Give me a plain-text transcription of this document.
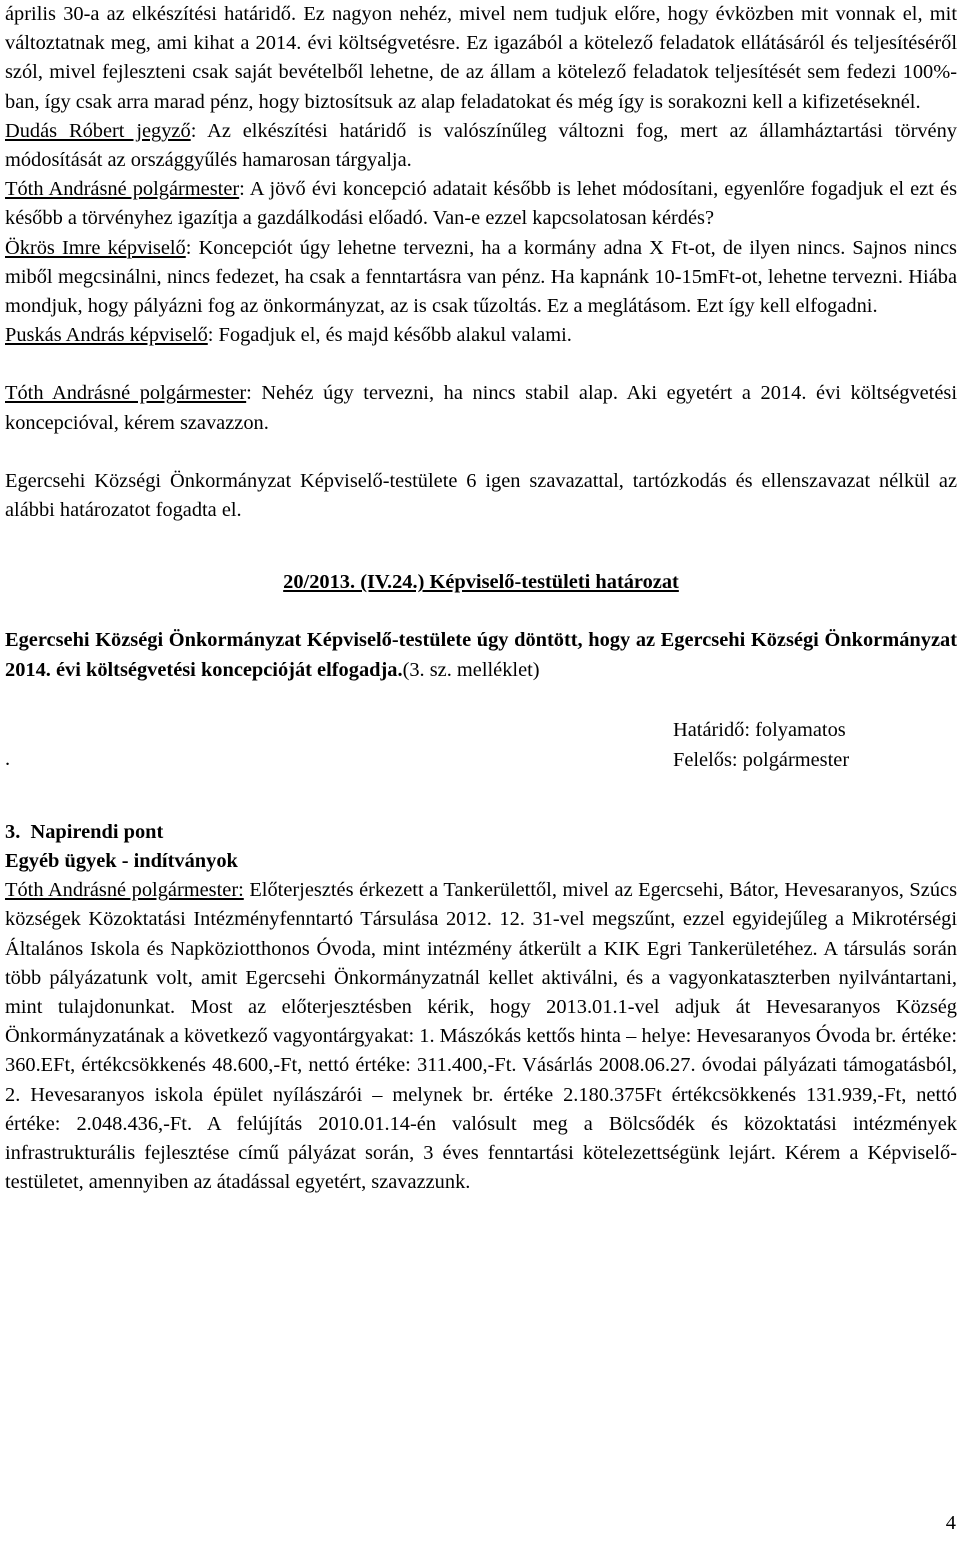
április 30-a az elkészítési határidő. Ez nagyon nehéz, mivel nem tudjuk előre, hogy évközben mit vonnak el, mit változtatnak meg, ami kihat a 2014. évi költségvetésre. Ez igazából a kötelező feladatok ellátásáról és teljesítéséről szól, mivel fejleszteni csak saját bevételből lehetne, de az állam a kötelező feladatok teljesítését sem fedezi 100%-ban, így csak arra marad pénz, hogy biztosítsuk az alap feladatokat és még így is sorakozni kell a kifizetéseknél.

Dudás Róbert jegyző: Az elkészítési határidő is valószínűleg változni fog, mert az államháztartási törvény módosítását az országgyűlés hamarosan tárgyalja.

Tóth Andrásné polgármester: A jövő évi koncepció adatait később is lehet módosítani, egyenlőre fogadjuk el ezt és később a törvényhez igazítja a gazdálkodási előadó. Van-e ezzel kapcsolatosan kérdés?

Ökrös Imre képviselő: Koncepciót úgy lehetne tervezni, ha a kormány adna X Ft-ot, de ilyen nincs. Sajnos nincs miből megcsinálni, nincs fedezet, ha csak a fenntartásra van pénz. Ha kapnánk 10-15mFt-ot, lehetne tervezni. Hiába mondjuk, hogy pályázni fog az önkormányzat, az is csak tűzoltás. Ez a meglátásom. Ezt így kell elfogadni.

Puskás András képviselő: Fogadjuk el, és majd később alakul valami.

Tóth Andrásné polgármester: Nehéz úgy tervezni, ha nincs stabil alap. Aki egyetért a 2014. évi költségvetési koncepcióval, kérem szavazzon.

Egercsehi Községi Önkormányzat Képviselő-testülete 6 igen szavazattal, tartózkodás és ellenszavazat nélkül az alábbi határozatot fogadta el.

20/2013. (IV.24.) Képviselő-testületi határozat

Egercsehi Községi Önkormányzat Képviselő-testülete úgy döntött, hogy az Egercsehi Községi Önkormányzat 2014. évi költségvetési koncepcióját elfogadja.(3. sz. melléklet)

.
Határidő: folyamatos
Felelős: polgármester

3. Napirendi pont

Egyéb ügyek - indítványok

Tóth Andrásné polgármester: Előterjesztés érkezett a Tankerülettől, mivel az Egercsehi, Bátor, Hevesaranyos, Szúcs községek Közoktatási Intézményfenntartó Társulása 2012. 12. 31-vel megszűnt, ezzel egyidejűleg a Mikrotérségi Általános Iskola és Napköziotthonos Óvoda, mint intézmény átkerült a KIK Egri Tankerületéhez. A társulás során több pályázatunk volt, amit Egercsehi Önkormányzatnál kellet aktiválni, és a vagyonkataszterben nyilvántartani, mint tulajdonunkat. Most az előterjesztésben kérik, hogy 2013.01.1-vel adjuk át Hevesaranyos Község Önkormányzatának a következő vagyontárgyakat: 1. Mászókás kettős hinta – helye: Hevesaranyos Óvoda br. értéke: 360.EFt, értékcsökkenés 48.600,-Ft, nettó értéke: 311.400,-Ft. Vásárlás 2008.06.27. óvodai pályázati támogatásból, 2. Hevesaranyos iskola épület nyílászárói – melynek br. értéke 2.180.375Ft értékcsökkenés 131.939,-Ft, nettó értéke: 2.048.436,-Ft. A felújítás 2010.01.14-én valósult meg a Bölcsődék és közoktatási intézmények infrastrukturális fejlesztése című pályázat során, 3 éves fenntartási kötelezettségünk lejárt. Kérem a Képviselő-testületet, amennyiben az átadással egyetért, szavazzunk.

4
